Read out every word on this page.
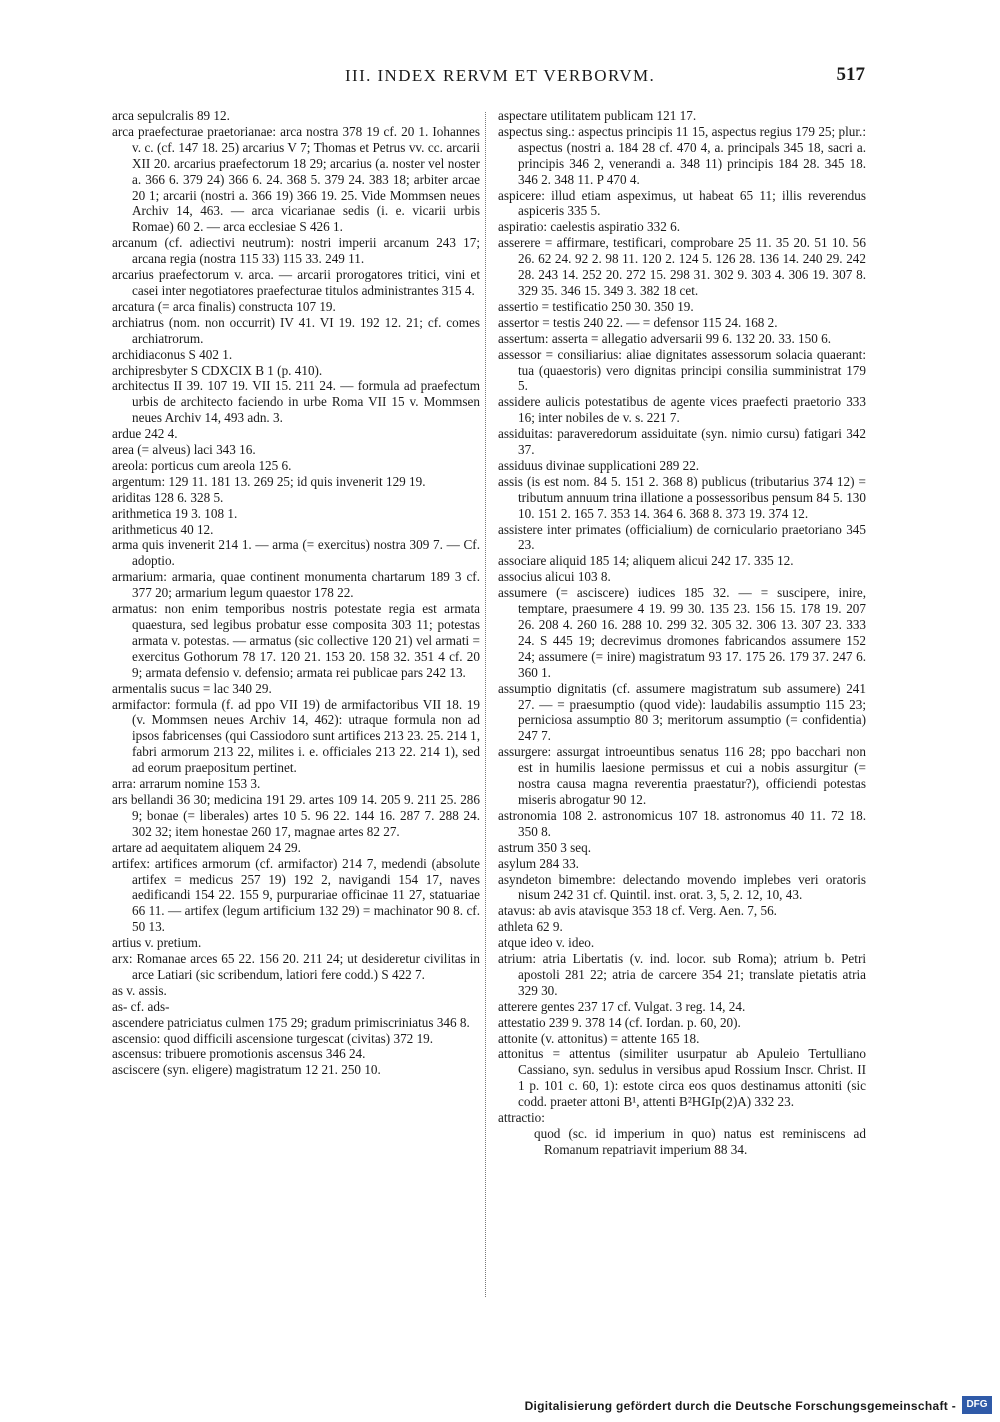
III. INDEX RERVM ET VERBORVM.	517

arca sepulcralis 89 12.

arca praefecturae praetorianae: arca nostra 378 19 cf. 20 1. Iohannes v. c. (cf. 147 18. 25) arcarius V 7; Thomas et Petrus vv. cc. arcarii XII 20. arcarius praefectorum 18 29; arcarius (a. noster vel noster a. 366 6. 379 24) 366 6. 24. 368 5. 379 24. 383 18; arbiter arcae 20 1; arcarii (nostri a. 366 19) 366 19. 25. Vide Mommsen neues Archiv 14, 463. — arca vicarianae sedis (i. e. vicarii urbis Romae) 60 2. — arca ecclesiae S 426 1.

arcanum (cf. adiectivi neutrum): nostri imperii arcanum 243 17; arcana regia (nostra 115 33) 115 33. 249 11.

arcarius praefectorum v. arca. — arcarii prorogatores tritici, vini et casei inter negotiatores praefecturae titulos administrantes 315 4.

arcatura (= arca finalis) constructa 107 19.

archiatrus (nom. non occurrit) IV 41. VI 19. 192 12. 21; cf. comes archiatrorum.

archidiaconus S 402 1.

archipresbyter S CDXCIX B 1 (p. 410).

architectus II 39. 107 19. VII 15. 211 24. — formula ad praefectum urbis de architecto faciendo in urbe Roma VII 15 v. Mommsen neues Archiv 14, 493 adn. 3.

ardue 242 4.

area (= alveus) laci 343 16.

areola: porticus cum areola 125 6.

argentum: 129 11. 181 13. 269 25; id quis invenerit 129 19.

ariditas 128 6. 328 5.

arithmetica 19 3. 108 1.

arithmeticus 40 12.

arma quis invenerit 214 1. — arma (= exercitus) nostra 309 7. — Cf. adoptio.

armarium: armaria, quae continent monumenta chartarum 189 3 cf. 377 20; armarium legum quaestor 178 22.

armatus: non enim temporibus nostris potestate regia est armata quaestura, sed legibus probatur esse composita 303 11; potestas armata v. potestas. — armatus (sic collective 120 21) vel armati = exercitus Gothorum 78 17. 120 21. 153 20. 158 32. 351 4 cf. 20 9; armata defensio v. defensio; armata rei publicae pars 242 13.

armentalis sucus = lac 340 29.

armifactor: formula (f. ad ppo VII 19) de armifactoribus VII 18. 19 (v. Mommsen neues Archiv 14, 462): utraque formula non ad ipsos fabricenses (qui Cassiodoro sunt artifices 213 23. 25. 214 1, fabri armorum 213 22, milites i. e. officiales 213 22. 214 1), sed ad eorum praepositum pertinet.

arra: arrarum nomine 153 3.

ars bellandi 36 30; medicina 191 29. artes 109 14. 205 9. 211 25. 286 9; bonae (= liberales) artes 10 5. 96 22. 144 16. 287 7. 288 24. 302 32; item honestae 260 17, magnae artes 82 27.

artare ad aequitatem aliquem 24 29.

artifex: artifices armorum (cf. armifactor) 214 7, medendi (absolute artifex = medicus 257 19) 192 2, navigandi 154 17, naves aedificandi 154 22. 155 9, purpurariae officinae 11 27, statuariae 66 11. — artifex (legum artificium 132 29) = machinator 90 8. cf. 50 13.

artius v. pretium.

arx: Romanae arces 65 22. 156 20. 211 24; ut desideretur civilitas in arce Latiari (sic scribendum, latiori fere codd.) S 422 7.

as v. assis.

as- cf. ads-

ascendere patriciatus culmen 175 29; gradum primiscriniatus 346 8.

ascensio: quod difficili ascensione turgescat (civitas) 372 19.

ascensus: tribuere promotionis ascensus 346 24.

asciscere (syn. eligere) magistratum 12 21. 250 10.

aspectare utilitatem publicam 121 17.

aspectus sing.: aspectus principis 11 15, aspectus regius 179 25; plur.: aspectus (nostri a. 184 28 cf. 470 4, a. principals 345 18, sacri a. principis 346 2, venerandi a. 348 11) principis 184 28. 345 18. 346 2. 348 11. P 470 4.

aspicere: illud etiam aspeximus, ut habeat 65 11; illis reverendus aspiceris 335 5.

aspiratio: caelestis aspiratio 332 6.

asserere = affirmare, testificari, comprobare 25 11. 35 20. 51 10. 56 26. 62 24. 92 2. 98 11. 120 2. 124 5. 126 28. 136 14. 240 29. 242 28. 243 14. 252 20. 272 15. 298 31. 302 9. 303 4. 306 19. 307 8. 329 35. 346 15. 349 3. 382 18 cet.

assertio = testificatio 250 30. 350 19.

assertor = testis 240 22. — = defensor 115 24. 168 2.

assertum: asserta = allegatio adversarii 99 6. 132 20. 33. 150 6.

assessor = consiliarius: aliae dignitates assessorum solacia quaerant: tua (quaestoris) vero dignitas principi consilia sumministrat 179 5.

assidere aulicis potestatibus de agente vices praefecti praetorio 333 16; inter nobiles de v. s. 221 7.

assiduitas: paraveredorum assiduitate (syn. nimio cursu) fatigari 342 37.

assiduus divinae supplicationi 289 22.

assis (is est nom. 84 5. 151 2. 368 8) publicus (tributarius 374 12) = tributum annuum trina illatione a possessoribus pensum 84 5. 130 10. 151 2. 165 7. 353 14. 364 6. 368 8. 373 19. 374 12.

assistere inter primates (officialium) de corniculario praetoriano 345 23.

associare aliquid 185 14; aliquem alicui 242 17. 335 12.

associus alicui 103 8.

assumere (= asciscere) iudices 185 32. — = suscipere, inire, temptare, praesumere 4 19. 99 30. 135 23. 156 15. 178 19. 207 26. 208 4. 260 16. 288 10. 299 32. 305 32. 306 13. 307 23. 333 24. S 445 19; decrevimus dromones fabricandos assumere 152 24; assumere (= inire) magistratum 93 17. 175 26. 179 37. 247 6. 360 1.

assumptio dignitatis (cf. assumere magistratum sub assumere) 241 27. — = praesumptio (quod vide): laudabilis assumptio 115 23; perniciosa assumptio 80 3; meritorum assumptio (= confidentia) 247 7.

assurgere: assurgat introeuntibus senatus 116 28; ppo bacchari non est in humilis laesione permissus et cui a nobis assurgitur (= nostra causa magna reverentia praestatur?), officiendi potestas miseris abrogatur 90 12.

astronomia 108 2. astronomicus 107 18. astronomus 40 11. 72 18. 350 8.

astrum 350 3 seq.

asylum 284 33.

asyndeton bimembre: delectando movendo implebes veri oratoris nisum 242 31 cf. Quintil. inst. orat. 3, 5, 2. 12, 10, 43.

atavus: ab avis atavisque 353 18 cf. Verg. Aen. 7, 56.

athleta 62 9.

atque ideo v. ideo.

atrium: atria Libertatis (v. ind. locor. sub Roma); atrium b. Petri apostoli 281 22; atria de carcere 354 21; translate pietatis atria 329 30.

atterere gentes 237 17 cf. Vulgat. 3 reg. 14, 24.

attestatio 239 9. 378 14 (cf. Iordan. p. 60, 20).

attonite (v. attonitus) = attente 165 18.

attonitus = attentus (similiter usurpatur ab Apuleio Tertulliano Cassiano, syn. sedulus in versibus apud Rossium Inscr. Christ. II 1 p. 101 c. 60, 1): estote circa eos quos destinamus attoniti (sic codd. praeter attoni B¹, attenti B²HGIp(2)A) 332 23.

attractio:

quod (sc. id imperium in quo) natus est reminiscens ad Romanum repatriavit imperium 88 34.

Digitalisierung gefördert durch die Deutsche Forschungsgemeinschaft -	DFG
